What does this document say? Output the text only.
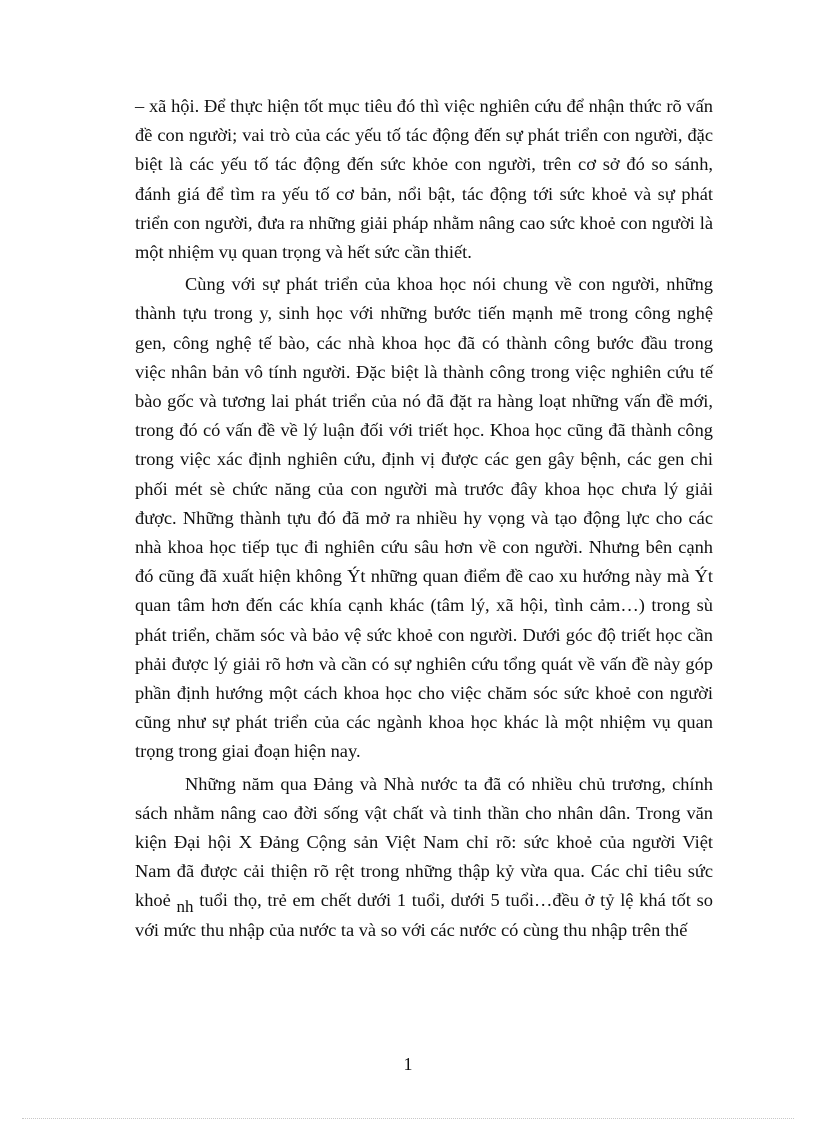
– xã hội. Để thực hiện tốt mục tiêu đó thì việc nghiên cứu để nhận thức rõ vấn
đề con người; vai trò của các yếu tố tác động đến sự phát triển con người, đặc
biệt là các yếu tố tác động đến sức khỏe con người, trên cơ sở đó so sánh,
đánh giá để tìm ra yếu tố cơ bản, nổi bật, tác động tới sức khoẻ và sự phát
triển con người, đưa ra những giải pháp nhằm nâng cao sức khoẻ con người là
một nhiệm vụ quan trọng và hết sức cần thiết.
Cùng với sự phát triển của khoa học nói chung về con người, những
thành tựu trong y, sinh học với những bước tiến mạnh mẽ trong công nghệ
gen, công nghệ tế bào, các nhà khoa học đã có thành công bước đầu trong
việc nhân bản vô tính người. Đặc biệt là thành công trong việc nghiên cứu tế
bào gốc và tương lai phát triển của nó đã đặt ra hàng loạt những vấn đề mới,
trong đó có vấn đề về lý luận đối với triết học. Khoa học cũng đã thành công
trong việc xác định nghiên cứu, định vị được các gen gây bệnh, các gen chi
phối mét sè chức năng của con người mà trước đây khoa học chưa lý giải
được. Những thành tựu đó đã mở ra nhiều hy vọng và tạo động lực cho các
nhà khoa học tiếp tục đi nghiên cứu sâu hơn về con người. Nhưng bên cạnh
đó cũng đã xuất hiện không Ýt những quan điểm đề cao xu hướng này mà Ýt
quan tâm hơn đến các khía cạnh khác (tâm lý, xã hội, tình cảm…) trong sù
phát triển, chăm sóc và bảo vệ sức khoẻ con người. Dưới góc độ triết học cần
phải được lý giải rõ hơn và cần có sự nghiên cứu tổng quát về vấn đề này góp
phần định hướng một cách khoa học cho việc chăm sóc sức khoẻ con người
cũng như sự phát triển của các ngành khoa học khác là một nhiệm vụ quan
trọng trong giai đoạn hiện nay.
Những năm qua Đảng và Nhà nước ta đã có nhiều chủ trương, chính
sách nhằm nâng cao đời sống vật chất và tinh thần cho nhân dân. Trong văn
kiện Đại hội X Đảng Cộng sản Việt Nam chỉ rõ: sức khoẻ của người Việt
Nam đã được cải thiện rõ rệt trong những thập kỷ vừa qua. Các chỉ tiêu sức
khoẻ nh tuổi thọ, trẻ em chết dưới 1 tuổi, dưới 5 tuổi…đều ở tỷ lệ khá tốt so
với mức thu nhập của nước ta và so với các nước có cùng thu nhập trên thế
1
